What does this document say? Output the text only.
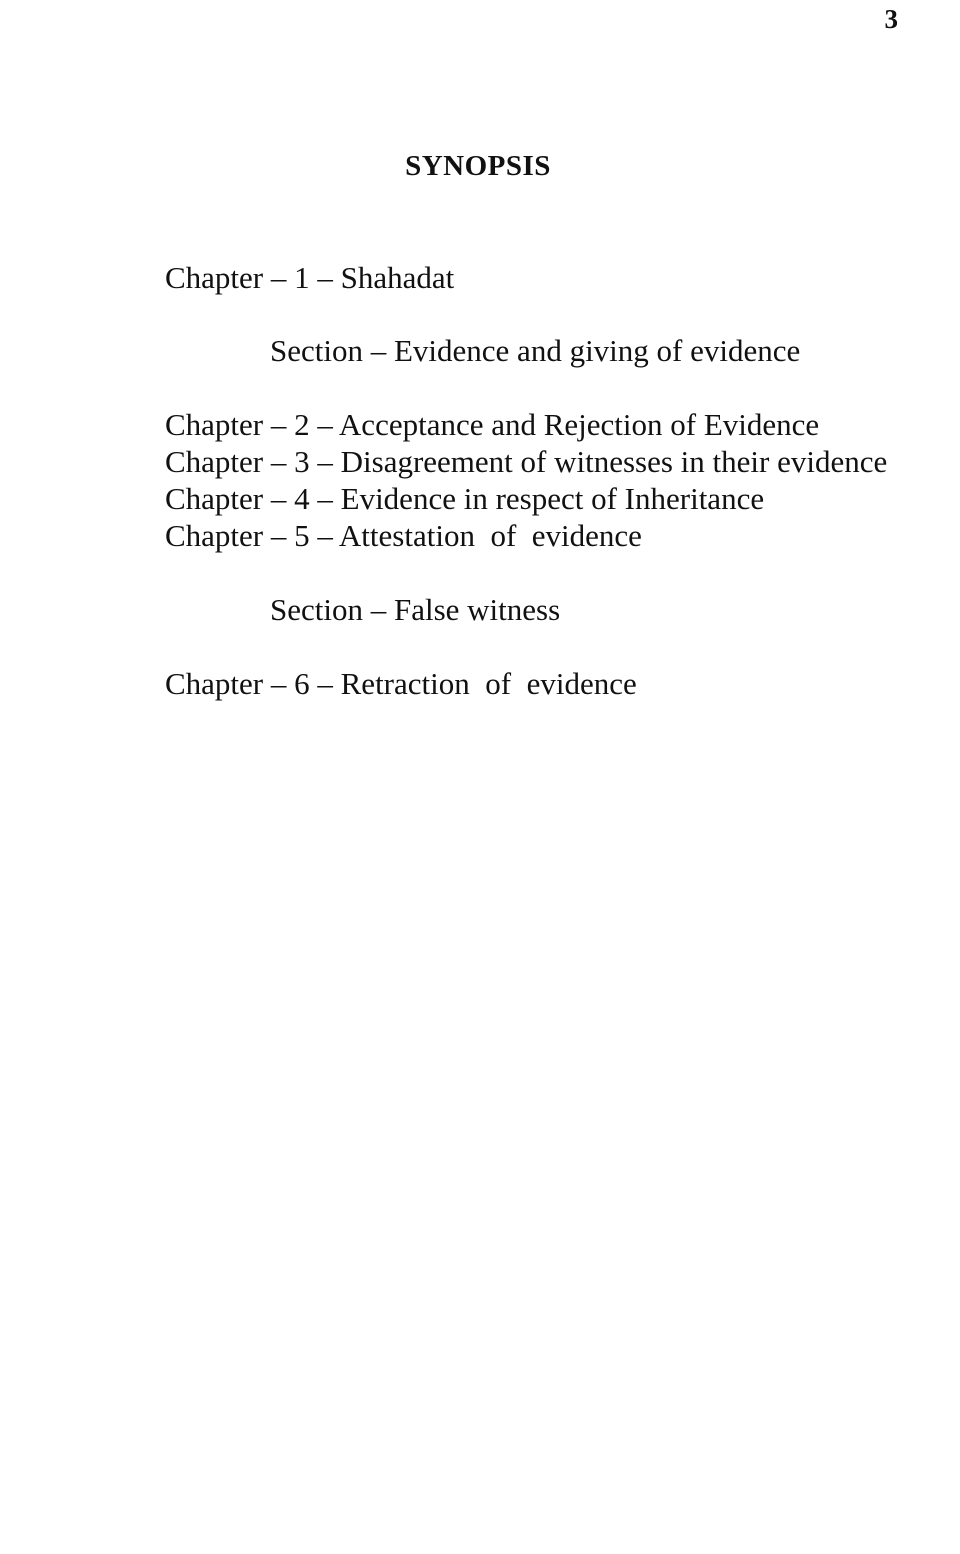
3
SYNOPSIS
Chapter – 1 – Shahadat
Section – Evidence and giving of evidence
Chapter – 2 – Acceptance and Rejection of Evidence
Chapter – 3 – Disagreement of witnesses in their evidence
Chapter – 4 – Evidence in respect of Inheritance
Chapter – 5 – Attestation  of  evidence
Section – False witness
Chapter – 6 – Retraction  of  evidence
